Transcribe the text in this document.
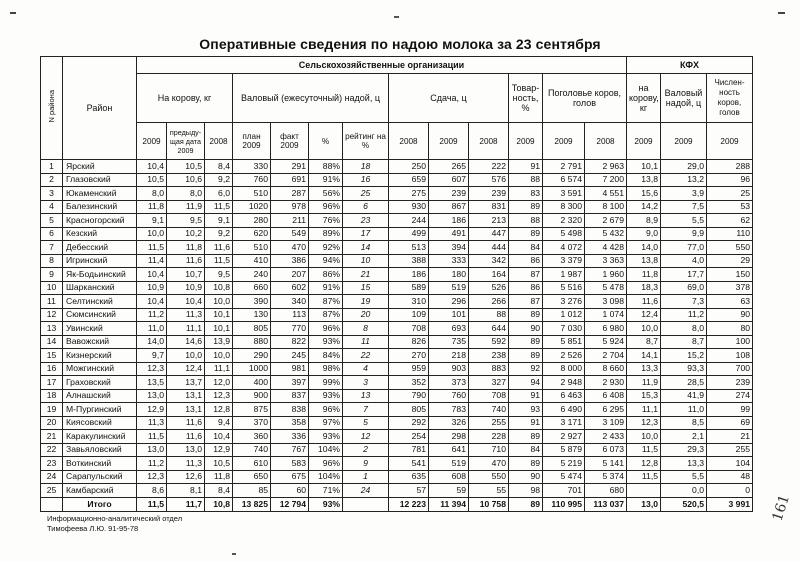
Оперативные сведения по надою молока за 23 сентября
N района	Район	Сельскохозяйственные организации													КФХ		
		На корову, кг			Валовый (ежесуточный) надой, ц				Сдача, ц			Товар-ность, %	Поголовье коров, голов		на корову, кг	Валовый надой, ц	Числен-ность коров, голов
		2009	предыду-щая дата 2009	2008	план 2009	факт 2009	%	рейтинг на %	2008	2009	2008	2009	2009	2008	2009	2009	2009
1	Ярский	10,4	10,5	8,4	330	291	88%	18	250	265	222	91	2 791	2 963	10,1	29,0	288
2	Глазовский	10,5	10,6	9,2	760	691	91%	16	659	607	576	88	6 574	7 200	13,8	13,2	96
3	Юкаменский	8,0	8,0	6,0	510	287	56%	25	275	239	239	83	3 591	4 551	15,6	3,9	25
4	Балезинский	11,8	11,9	11,5	1020	978	96%	6	930	867	831	89	8 300	8 100	14,2	7,5	53
5	Красногорский	9,1	9,5	9,1	280	211	76%	23	244	186	213	88	2 320	2 679	8,9	5,5	62
6	Кезский	10,0	10,2	9,2	620	549	89%	17	499	491	447	89	5 498	5 432	9,0	9,9	110
7	Дебесский	11,5	11,8	11,6	510	470	92%	14	513	394	444	84	4 072	4 428	14,0	77,0	550
8	Игринский	11,4	11,6	11,5	410	386	94%	10	388	333	342	86	3 379	3 363	13,8	4,0	29
9	Як-Бодьинский	10,4	10,7	9,5	240	207	86%	21	186	180	164	87	1 987	1 960	11,8	17,7	150
10	Шарканский	10,9	10,9	10,8	660	602	91%	15	589	519	526	86	5 516	5 478	18,3	69,0	378
11	Селтинский	10,4	10,4	10,0	390	340	87%	19	310	296	266	87	3 276	3 098	11,6	7,3	63
12	Сюмсинский	11,2	11,3	10,1	130	113	87%	20	109	101	88	89	1 012	1 074	12,4	11,2	90
13	Увинский	11,0	11,1	10,1	805	770	96%	8	708	693	644	90	7 030	6 980	10,0	8,0	80
14	Вавожский	14,0	14,6	13,9	880	822	93%	11	826	735	592	89	5 851	5 924	8,7	8,7	100
15	Кизнерский	9,7	10,0	10,0	290	245	84%	22	270	218	238	89	2 526	2 704	14,1	15,2	108
16	Можгинский	12,3	12,4	11,1	1000	981	98%	4	959	903	883	92	8 000	8 660	13,3	93,3	700
17	Граховский	13,5	13,7	12,0	400	397	99%	3	352	373	327	94	2 948	2 930	11,9	28,5	239
18	Алнашский	13,0	13,1	12,3	900	837	93%	13	790	760	708	91	6 463	6 408	15,3	41,9	274
19	М-Пургинский	12,9	13,1	12,8	875	838	96%	7	805	783	740	93	6 490	6 295	11,1	11,0	99
20	Киясовский	11,3	11,6	9,4	370	358	97%	5	292	326	255	91	3 171	3 109	12,3	8,5	69
21	Каракулинский	11,5	11,6	10,4	360	336	93%	12	254	298	228	89	2 927	2 433	10,0	2,1	21
22	Завьяловский	13,0	13,0	12,9	740	767	104%	2	781	641	710	84	5 879	6 073	11,5	29,3	255
23	Воткинский	11,2	11,3	10,5	610	583	96%	9	541	519	470	89	5 219	5 141	12,8	13,3	104
24	Сарапульский	12,3	12,6	11,8	650	675	104%	1	635	608	550	90	5 474	5 374	11,5	5,5	48
25	Камбарский	8,6	8,1	8,4	85	60	71%	24	57	59	55	98	701	680		0,0	0
	Итого	11,5	11,7	10,8	13 825	12 794	93%		12 223	11 394	10 758	89	110 995	113 037	13,0	520,5	3 991
Информационно-аналитический отдел
Тимофеева Л.Ю. 91-95-78
161
